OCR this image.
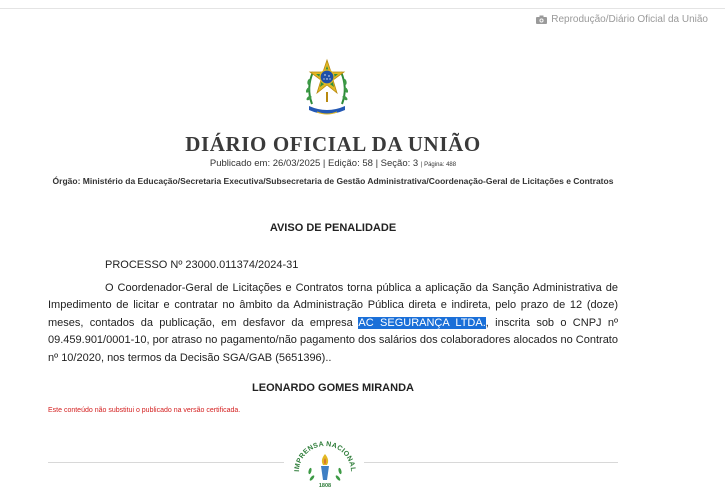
Reprodução/Diário Oficial da União
DIÁRIO OFICIAL DA UNIÃO
Publicado em: 26/03/2025 | Edição: 58 | Seção: 3 | Página: 488
Órgão: Ministério da Educação/Secretaria Executiva/Subsecretaria de Gestão Administrativa/Coordenação-Geral de Licitações e Contratos
AVISO DE PENALIDADE
PROCESSO Nº 23000.011374/2024-31
O Coordenador-Geral de Licitações e Contratos torna pública a aplicação da Sanção Administrativa de Impedimento de licitar e contratar no âmbito da Administração Pública direta e indireta, pelo prazo de 12 (doze) meses, contados da publicação, em desfavor da empresa AC SEGURANÇA LTDA., inscrita sob o CNPJ nº 09.459.901/0001-10, por atraso no pagamento/não pagamento dos salários dos colaboradores alocados no Contrato nº 10/2020, nos termos da Decisão SGA/GAB (5651396)..
LEONARDO GOMES MIRANDA
Este conteúdo não substitui o publicado na versão certificada.
IMPRENSA NACIONAL
1808
